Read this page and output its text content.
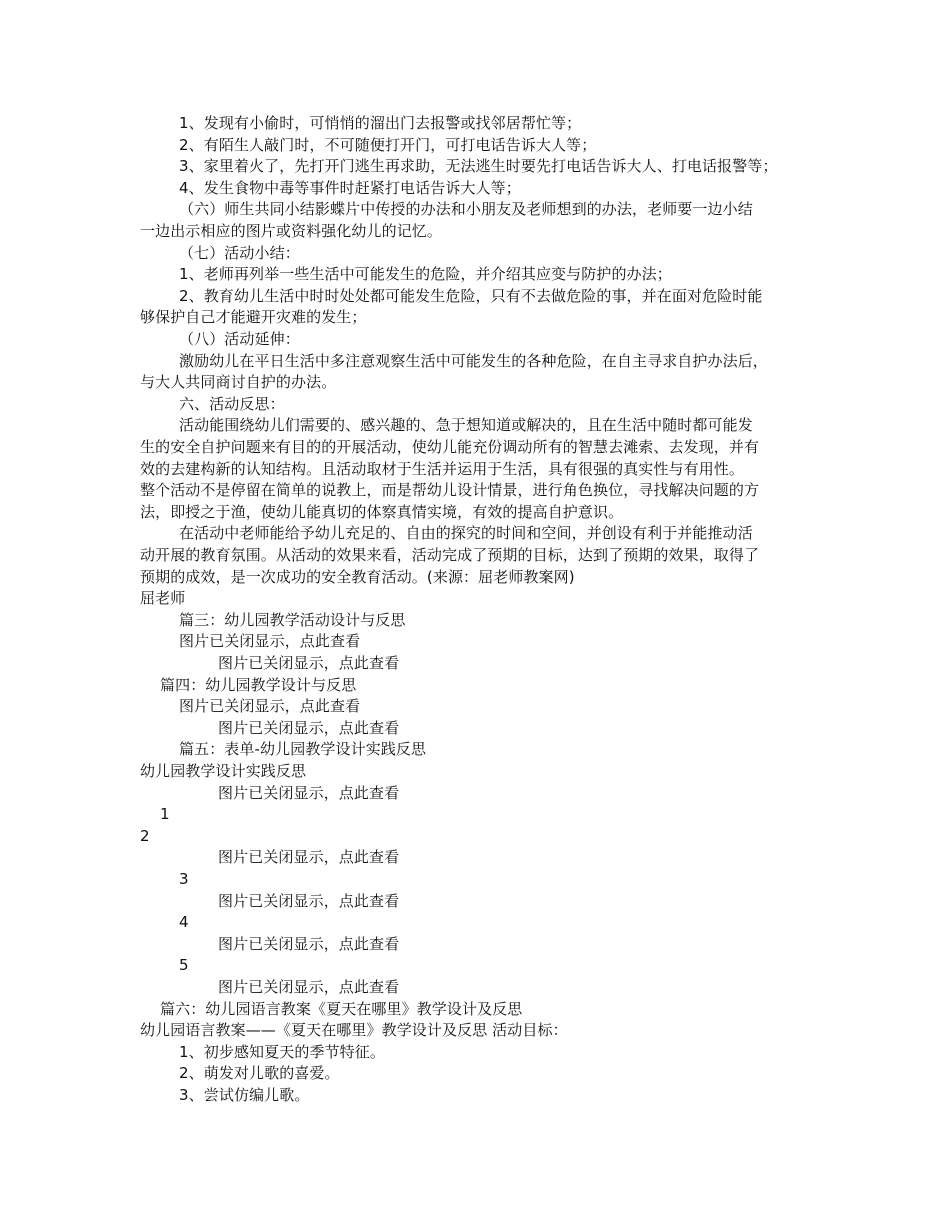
1、发现有小偷时，可悄悄的溜出门去报警或找邻居帮忙等；

2、有陌生人敲门时，不可随便打开门，可打电话告诉大人等；

3、家里着火了，先打开门逃生再求助，无法逃生时要先打电话告诉大人、打电话报警等；

4、发生食物中毒等事件时赶紧打电话告诉大人等；

（六）师生共同小结影蝶片中传授的办法和小朋友及老师想到的办法，老师要一边小结

一边出示相应的图片或资料强化幼儿的记忆。

（七）活动小结：

1、老师再列举一些生活中可能发生的危险，并介绍其应变与防护的办法；

2、教育幼儿生活中时时处处都可能发生危险，只有不去做危险的事，并在面对危险时能

够保护自己才能避开灾难的发生；

（八）活动延伸：

激励幼儿在平日生活中多注意观察生活中可能发生的各种危险，在自主寻求自护办法后，

与大人共同商讨自护的办法。

六、活动反思：

活动能围绕幼儿们需要的、感兴趣的、急于想知道或解决的，且在生活中随时都可能发

生的安全自护问题来有目的的开展活动，使幼儿能充份调动所有的智慧去滩索、去发现，并有

效的去建构新的认知结构。且活动取材于生活并运用于生活，具有很强的真实性与有用性。

整个活动不是停留在简单的说教上，而是帮幼儿设计情景，进行角色换位，寻找解决问题的方

法，即授之于渔，使幼儿能真切的体察真情实境，有效的提高自护意识。

在活动中老师能给予幼儿充足的、自由的探究的时间和空间，并创设有利于并能推动活

动开展的教育氛围。从活动的效果来看，活动完成了预期的目标，达到了预期的效果，取得了

预期的成效，是一次成功的安全教育活动。(来源：屈老师教案网)

屈老师

篇三：幼儿园教学活动设计与反思

图片已关闭显示，点此查看

图片已关闭显示，点此查看

篇四：幼儿园教学设计与反思

图片已关闭显示，点此查看

图片已关闭显示，点此查看

篇五：表单-幼儿园教学设计实践反思

幼儿园教学设计实践反思

图片已关闭显示，点此查看

1

2

图片已关闭显示，点此查看

3

图片已关闭显示，点此查看

4

图片已关闭显示，点此查看

5

图片已关闭显示，点此查看

篇六：幼儿园语言教案《夏天在哪里》教学设计及反思

幼儿园语言教案——《夏天在哪里》教学设计及反思 活动目标：

1、初步感知夏天的季节特征。

2、萌发对儿歌的喜爱。

3、尝试仿编儿歌。
